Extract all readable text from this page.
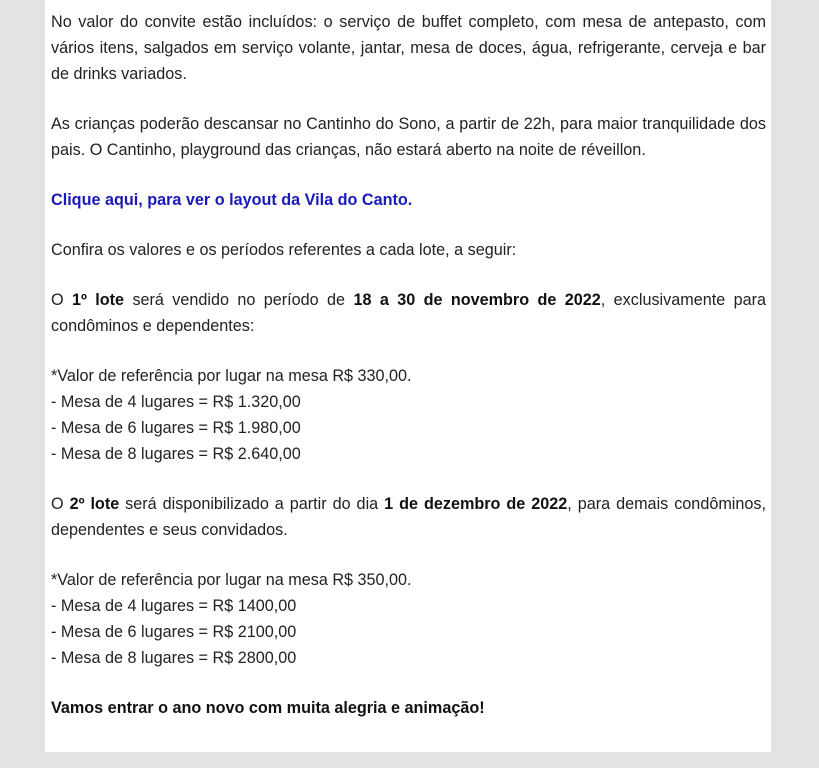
No valor do convite estão incluídos: o serviço de buffet completo, com mesa de antepasto, com vários itens, salgados em serviço volante, jantar, mesa de doces, água, refrigerante, cerveja e bar de drinks variados.

As crianças poderão descansar no Cantinho do Sono, a partir de 22h, para maior tranquilidade dos pais. O Cantinho, playground das crianças, não estará aberto na noite de réveillon.

Clique aqui, para ver o layout da Vila do Canto.

Confira os valores e os períodos referentes a cada lote, a seguir:

O 1º lote será vendido no período de 18 a 30 de novembro de 2022, exclusivamente para condôminos e dependentes:

*Valor de referência por lugar na mesa R$ 330,00.
- Mesa de 4 lugares = R$ 1.320,00
- Mesa de 6 lugares = R$ 1.980,00
- Mesa de 8 lugares = R$ 2.640,00

O 2º lote será disponibilizado a partir do dia 1 de dezembro de 2022, para demais condôminos, dependentes e seus convidados.

*Valor de referência por lugar na mesa R$ 350,00.
- Mesa de 4 lugares = R$ 1400,00
- Mesa de 6 lugares = R$ 2100,00
- Mesa de 8 lugares = R$ 2800,00

Vamos entrar o ano novo com muita alegria e animação!
